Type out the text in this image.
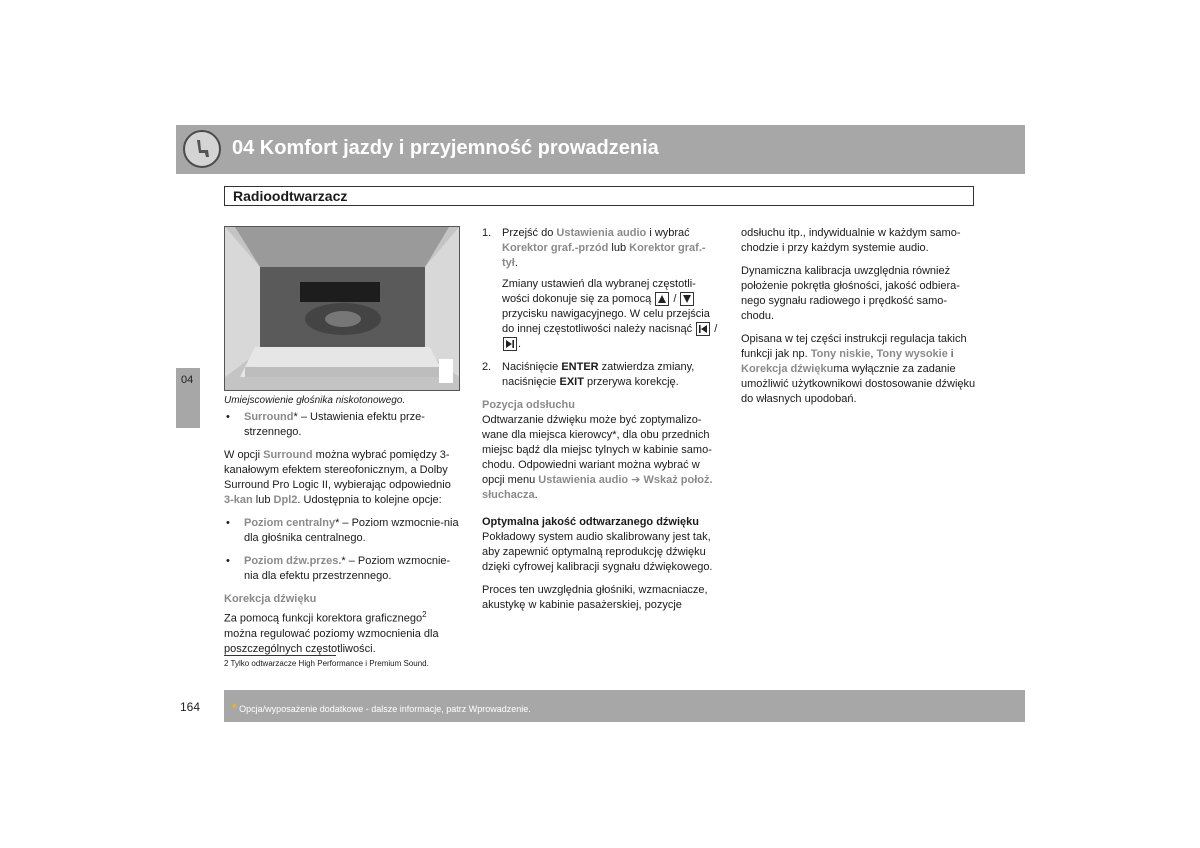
04 Komfort jazdy i przyjemność prowadzenia
Radioodtwarzacz
04
Umiejscowienie głośnika niskotonowego.

• Surround* – Ustawienia efektu prze-strzennego.

W opcji Surround można wybrać pomiędzy 3-kanałowym efektem stereofonicznym, a Dolby Surround Pro Logic II, wybierając odpowiednio 3-kan lub Dpl2. Udostępnia to kolejne opcje:

• Poziom centralny* – Poziom wzmocnie-nia dla głośnika centralnego.

• Poziom dźw.przes.* – Poziom wzmocnie-nia dla efektu przestrzennego.

Korekcja dźwięku

Za pomocą funkcji korektora graficznego$^2$ można regulować poziomy wzmocnienia dla poszczególnych częstotliwości.

1. Przejść do Ustawienia audio i wybrać Korektor graf.-przód lub Korektor graf.-tył.

Zmiany ustawień dla wybranej częstotli-wości dokonuje się za pomocą
/
przycisku nawigacyjnego. W celu przejścia do innej częstotliwości należy nacisnąć
/
.

2. Naciśnięcie ENTER zatwierdza zmiany, naciśnięcie EXIT przerywa korekcję.

Pozycja odsłuchu

Odtwarzanie dźwięku może być zoptymalizo-wane dla miejsca kierowcy*, dla obu przednich miejsc bądź dla miejsc tylnych w kabinie samo-chodu. Odpowiedni wariant można wybrać w opcji menu Ustawienia audio ➔ Wskaż położ. słuchacza.

Optymalna jakość odtwarzanego dźwięku

Pokładowy system audio skalibrowany jest tak, aby zapewnić optymalną reprodukcję dźwięku dzięki cyfrowej kalibracji sygnału dźwiękowego.

Proces ten uwzględnia głośniki, wzmacniacze, akustykę w kabinie pasażerskiej, pozycje

odsłuchu itp., indywidualnie w każdym samo-chodzie i przy każdym systemie audio.

Dynamiczna kalibracja uwzględnia również położenie pokrętła głośności, jakość odbiera-nego sygnału radiowego i prędkość samo-chodu.

Opisana w tej części instrukcji regulacja takich funkcji jak np. Tony niskie, Tony wysokie i Korekcja dźwiękuma wyłącznie za zadanie umożliwić użytkownikowi dostosowanie dźwięku do własnych upodobań.

2 Tylko odtwarzacze High Performance i Premium Sound.
164	* Opcja/wyposażenie dodatkowe - dalsze informacje, patrz Wprowadzenie.
